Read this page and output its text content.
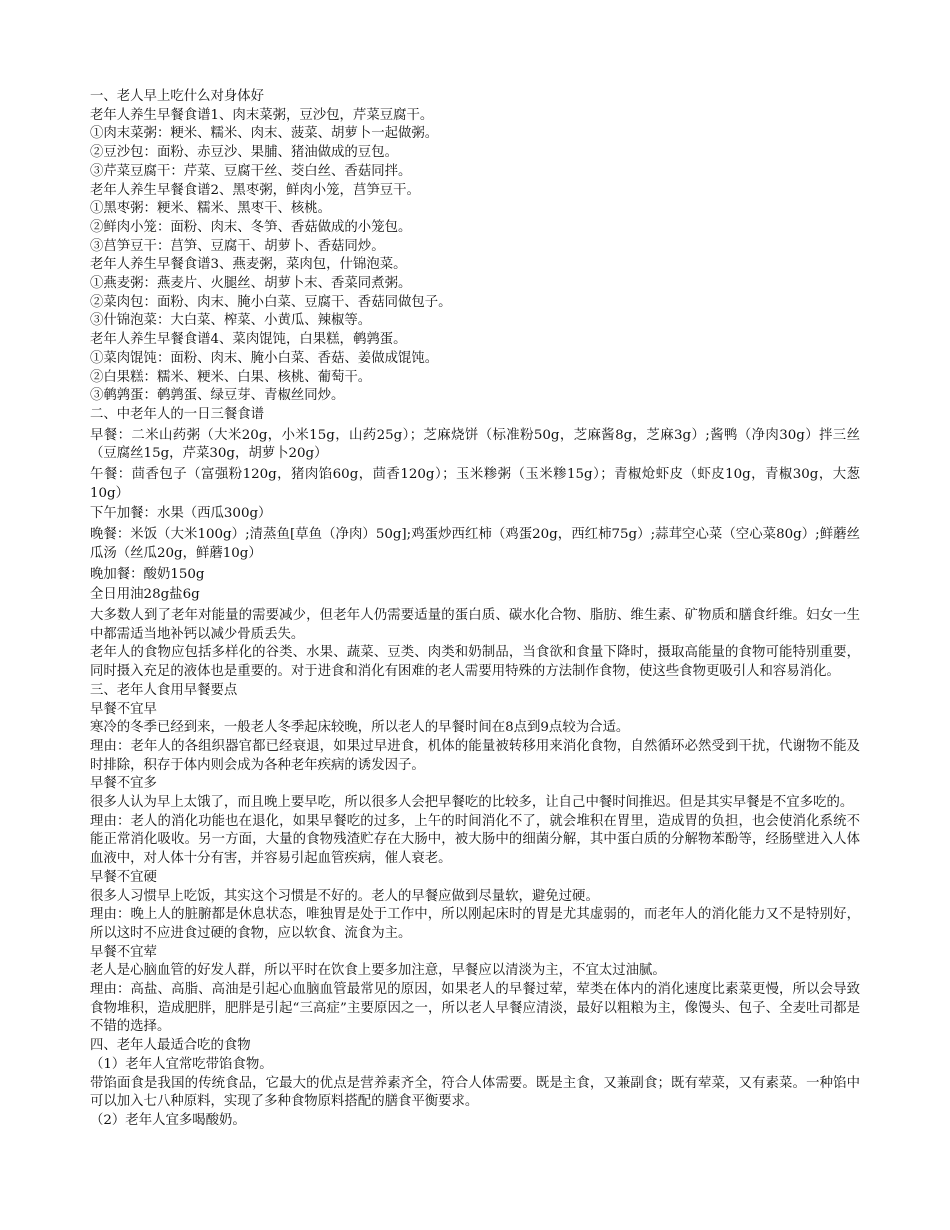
一、老人早上吃什么对身体好

老年人养生早餐食谱1、肉末菜粥，豆沙包，芹菜豆腐干。

①肉末菜粥：粳米、糯米、肉末、菠菜、胡萝卜一起做粥。

②豆沙包：面粉、赤豆沙、果脯、猪油做成的豆包。

③芹菜豆腐干：芹菜、豆腐干丝、茭白丝、香菇同拌。

老年人养生早餐食谱2、黑枣粥，鲜肉小笼，莒笋豆干。

①黑枣粥：粳米、糯米、黑枣干、核桃。

②鲜肉小笼：面粉、肉末、冬笋、香菇做成的小笼包。

③莒笋豆干：莒笋、豆腐干、胡萝卜、香菇同炒。

老年人养生早餐食谱3、燕麦粥，菜肉包，什锦泡菜。

①燕麦粥：燕麦片、火腿丝、胡萝卜末、香菜同煮粥。

②菜肉包：面粉、肉末、腌小白菜、豆腐干、香菇同做包子。

③什锦泡菜：大白菜、榨菜、小黄瓜、辣椒等。

老年人养生早餐食谱4、菜肉馄饨，白果糕，鹌鹑蛋。

①菜肉馄饨：面粉、肉末、腌小白菜、香菇、姜做成馄饨。

②白果糕：糯米、粳米、白果、核桃、葡萄干。

③鹌鹑蛋：鹌鹑蛋、绿豆芽、青椒丝同炒。

二、中老年人的一日三餐食谱

早餐：二米山药粥（大米20g，小米15g，山药25g）；芝麻烧饼（标准粉50g，芝麻酱8g，芝麻3g）;酱鸭（净肉30g）拌三丝（豆腐丝15g，芹菜30g，胡萝卜20g）

午餐：茴香包子（富强粉120g，猪肉馅60g，茴香120g）；玉米糁粥（玉米糁15g）；青椒炝虾皮（虾皮10g，青椒30g，大葱10g）

下午加餐：水果（西瓜300g）

晚餐：米饭（大米100g）;清蒸鱼[草鱼（净肉）50g];鸡蛋炒西红柿（鸡蛋20g，西红柿75g）;蒜茸空心菜（空心菜80g）;鲜蘑丝瓜汤（丝瓜20g，鲜蘑10g）

晚加餐：酸奶150g

全日用油28g盐6g

大多数人到了老年对能量的需要减少，但老年人仍需要适量的蛋白质、碳水化合物、脂肪、维生素、矿物质和膳食纤维。妇女一生中都需适当地补钙以减少骨质丢失。

老年人的食物应包括多样化的谷类、水果、蔬菜、豆类、肉类和奶制品，当食欲和食量下降时，摄取高能量的食物可能特别重要，同时摄入充足的液体也是重要的。对于进食和消化有困难的老人需要用特殊的方法制作食物，使这些食物更吸引人和容易消化。

三、老年人食用早餐要点

早餐不宜早

寒冷的冬季已经到来，一般老人冬季起床较晚，所以老人的早餐时间在8点到9点较为合适。

理由：老年人的各组织器官都已经衰退，如果过早进食，机体的能量被转移用来消化食物，自然循环必然受到干扰，代谢物不能及时排除，积存于体内则会成为各种老年疾病的诱发因子。

早餐不宜多

很多人认为早上太饿了，而且晚上要早吃，所以很多人会把早餐吃的比较多，让自己中餐时间推迟。但是其实早餐是不宜多吃的。

理由：老人的消化功能也在退化，如果早餐吃的过多，上午的时间消化不了，就会堆积在胃里，造成胃的负担，也会使消化系统不能正常消化吸收。另一方面，大量的食物残渣贮存在大肠中，被大肠中的细菌分解，其中蛋白质的分解物苯酚等，经肠壁进入人体血液中，对人体十分有害，并容易引起血管疾病，催人衰老。

早餐不宜硬

很多人习惯早上吃饭，其实这个习惯是不好的。老人的早餐应做到尽量软，避免过硬。

理由：晚上人的脏腑都是休息状态，唯独胃是处于工作中，所以刚起床时的胃是尤其虚弱的，而老年人的消化能力又不是特别好，所以这时不应进食过硬的食物，应以软食、流食为主。

早餐不宜荤

老人是心脑血管的好发人群，所以平时在饮食上要多加注意，早餐应以清淡为主，不宜太过油腻。

理由：高盐、高脂、高油是引起心血脑血管最常见的原因，如果老人的早餐过荤，荤类在体内的消化速度比素菜更慢，所以会导致食物堆积，造成肥胖，肥胖是引起“三高症”主要原因之一，所以老人早餐应清淡，最好以粗粮为主，像馒头、包子、全麦吐司都是不错的选择。

四、老年人最适合吃的食物

（1）老年人宜常吃带馅食物。

带馅面食是我国的传统食品，它最大的优点是营养素齐全，符合人体需要。既是主食，又兼副食；既有荤菜，又有素菜。一种馅中可以加入七八种原料，实现了多种食物原料搭配的膳食平衡要求。

（2）老年人宜多喝酸奶。
